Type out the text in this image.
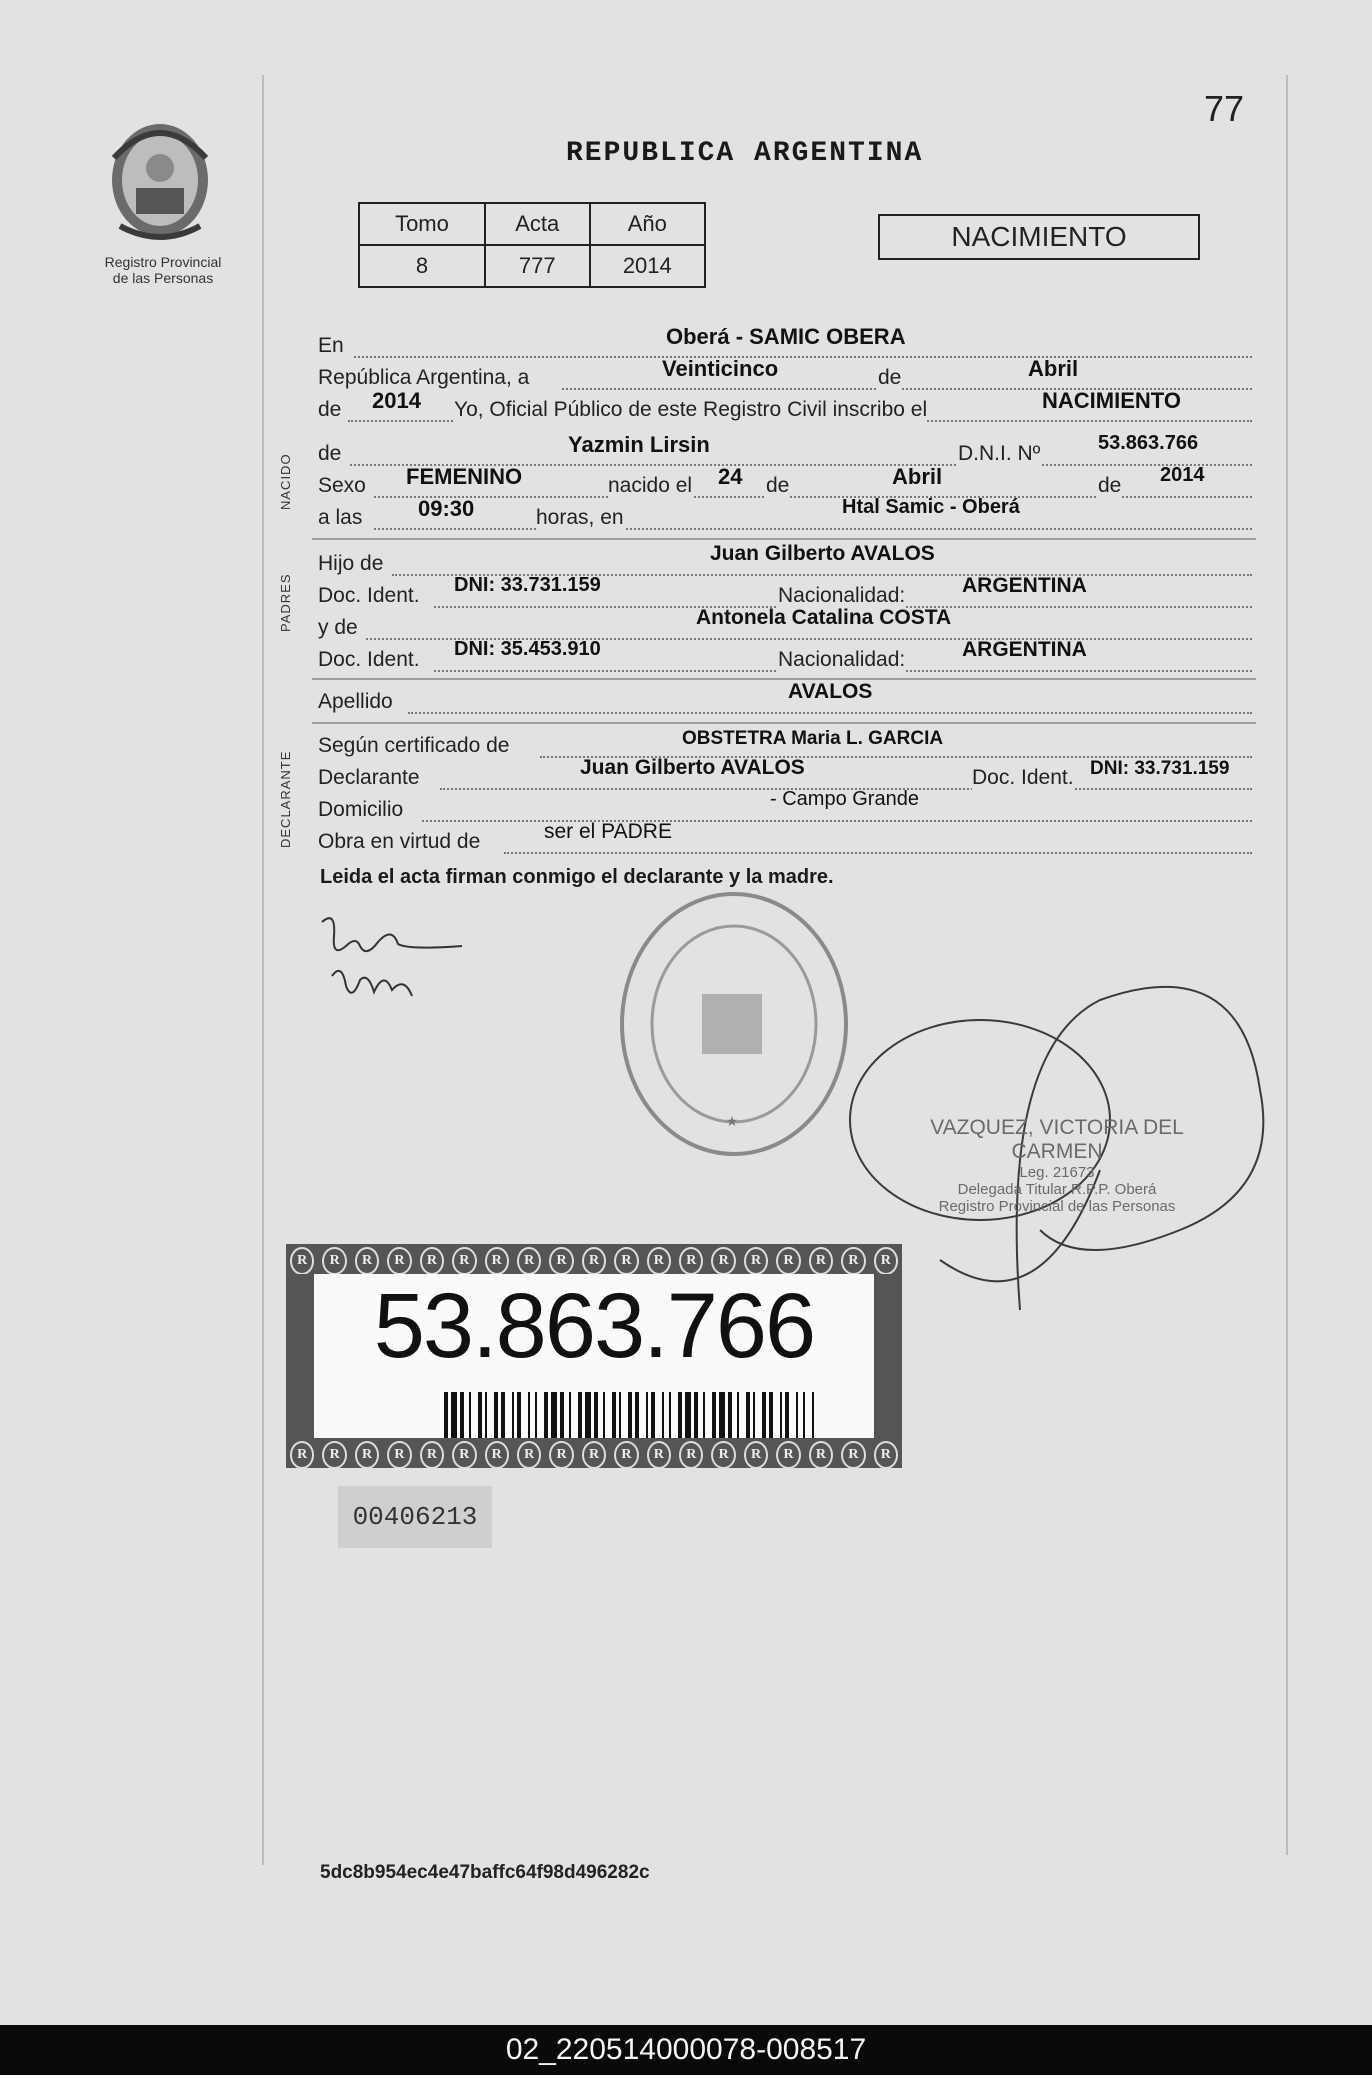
Registro Provincial
de las Personas
77
REPUBLICA ARGENTINA
Tomo	Acta	Año
8	777	2014
NACIMIENTO
En	Oberá - SAMIC OBERA
República Argentina, a	Veinticinco	de	Abril
de 2014 Yo, Oficial Público de este Registro Civil inscribo el	NACIMIENTO
NACIDO de	Yazmin Lirsin	D.N.I. Nº	53.863.766
Sexo FEMENINO	nacido el 24 de	Abril	de 2014
a las	09:30	horas, en	Htal Samic - Oberá
PADRES
Hijo de	Juan Gilberto AVALOS
Doc. Ident. DNI: 33.731.159	Nacionalidad:	ARGENTINA
y de	Antonela Catalina COSTA
Doc. Ident. DNI: 35.453.910	Nacionalidad:	ARGENTINA
Apellido	AVALOS
DECLARANTE
Según certificado de	OBSTETRA Maria L. GARCIA
Declarante	Juan Gilberto AVALOS	Doc. Ident. DNI: 33.731.159
Domicilio	- Campo Grande
Obra en virtud de	ser el PADRE
Leida el acta firman conmigo el declarante y la madre.
★	VAZQUEZ, VICTORIA DEL CARMEN
Leg. 21673
Delegada Titular R.P.P. Oberá
Registro Provincial de las Personas
R	R	R	R	R	R	R	R	R	R	R	R	R	R	R	R	R	R	R
53.863.766
R	R	R	R	R	R	R	R	R	R	R	R	R	R	R	R	R	R	R
00406213
5dc8b954ec4e47baffc64f98d496282c
02_220514000078-008517
